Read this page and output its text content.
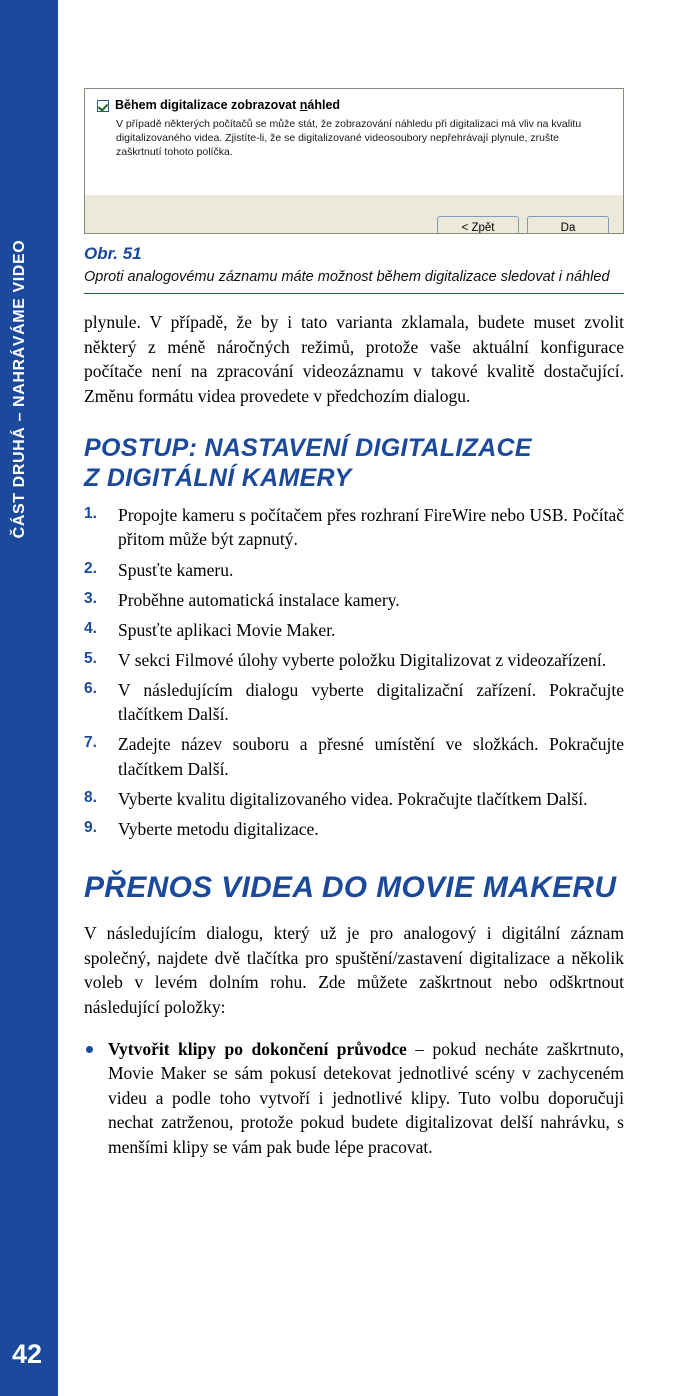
ČÁST DRUHÁ – NAHRÁVÁME VIDEO
42
Během digitalizace zobrazovat náhled
V případě některých počítačů se může stát, že zobrazování náhledu při digitalizaci má vliv na kvalitu digitalizovaného videa. Zjistíte-li, že se digitalizované videosoubory nepřehrávají plynule, zrušte zaškrtnutí tohoto políčka.
< Zpět	Da
Obr. 51
Oproti analogovému záznamu máte možnost během digitalizace sledovat i náhled

plynule. V případě, že by i tato varianta zklamala, budete muset zvolit některý z méně náročných režimů, protože vaše aktuální konfigurace počítače není na zpracování videozáznamu v takové kvalitě dostačující. Změnu formátu videa provedete v předchozím dialogu.

POSTUP: NASTAVENÍ DIGITALIZACE
Z DIGITÁLNÍ KAMERY
1.	Propojte kameru s počítačem přes rozhraní FireWire nebo USB. Počítač přitom může být zapnutý.
2.	Spusťte kameru.
3.	Proběhne automatická instalace kamery.
4.	Spusťte aplikaci Movie Maker.
5.	V sekci Filmové úlohy vyberte položku Digitalizovat z videozařízení.
6.	V následujícím dialogu vyberte digitalizační zařízení. Pokračujte tlačítkem Další.
7.	Zadejte název souboru a přesné umístění ve složkách. Pokračujte tlačítkem Další.
8.	Vyberte kvalitu digitalizovaného videa. Pokračujte tlačítkem Další.
9.	Vyberte metodu digitalizace.
PŘENOS VIDEA DO MOVIE MAKERU

V následujícím dialogu, který už je pro analogový i digitální záznam společný, najdete dvě tlačítka pro spuštění/zastavení digitalizace a několik voleb v levém dolním rohu. Zde můžete zaškrtnout nebo odškrtnout následující položky:

Vytvořit klipy po dokončení průvodce – pokud necháte zaškrtnuto, Movie Maker se sám pokusí detekovat jednotlivé scény v zachyceném videu a podle toho vytvoří i jednotlivé klipy. Tuto volbu doporučuji nechat zatrženou, protože pokud budete digitalizovat delší nahrávku, s menšími klipy se vám pak bude lépe pracovat.
